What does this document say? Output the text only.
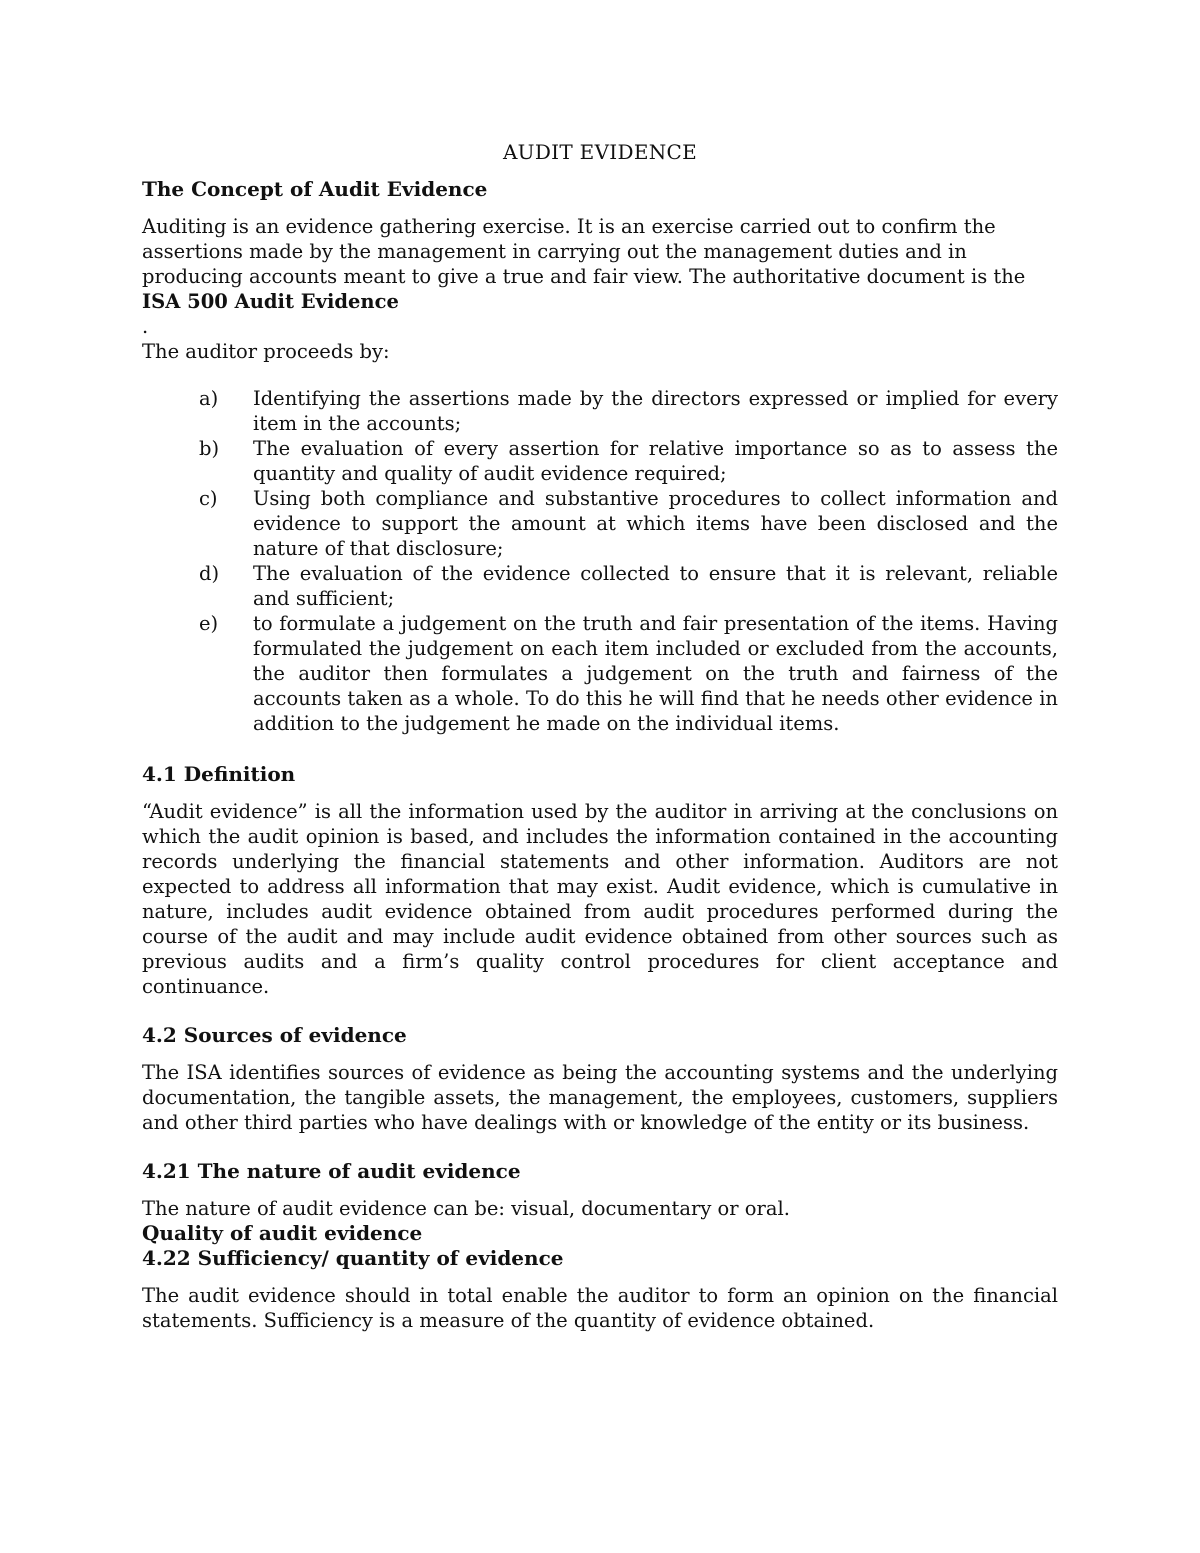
AUDIT EVIDENCE
The Concept of Audit Evidence

Auditing is an evidence gathering exercise. It is an exercise carried out to confirm the assertions made by the management in carrying out the management duties and in producing accounts meant to give a true and fair view. The authoritative document is the ISA 500 Audit Evidence

.

The auditor proceeds by:

a) Identifying the assertions made by the directors expressed or implied for every item in the accounts;
b) The evaluation of every assertion for relative importance so as to assess the quantity and quality of audit evidence required;
c) Using both compliance and substantive procedures to collect information and evidence to support the amount at which items have been disclosed and the nature of that disclosure;
d) The evaluation of the evidence collected to ensure that it is relevant, reliable and sufficient;
e) to formulate a judgement on the truth and fair presentation of the items. Having formulated the judgement on each item included or excluded from the accounts, the auditor then formulates a judgement on the truth and fairness of the accounts taken as a whole. To do this he will find that he needs other evidence in addition to the judgement he made on the individual items.
4.1 Definition

“Audit evidence” is all the information used by the auditor in arriving at the conclusions on which the audit opinion is based, and includes the information contained in the accounting records underlying the financial statements and other information. Auditors are not expected to address all information that may exist. Audit evidence, which is cumulative in nature, includes audit evidence obtained from audit procedures performed during the course of the audit and may include audit evidence obtained from other sources such as previous audits and a firm’s quality control procedures for client acceptance and continuance.

4.2 Sources of evidence

The ISA identifies sources of evidence as being the accounting systems and the underlying documentation, the tangible assets, the management, the employees, customers, suppliers and other third parties who have dealings with or knowledge of the entity or its business.

4.21 The nature of audit evidence

The nature of audit evidence can be: visual, documentary or oral.

Quality of audit evidence
4.22 Sufficiency/ quantity of evidence

The audit evidence should in total enable the auditor to form an opinion on the financial statements. Sufficiency is a measure of the quantity of evidence obtained.
